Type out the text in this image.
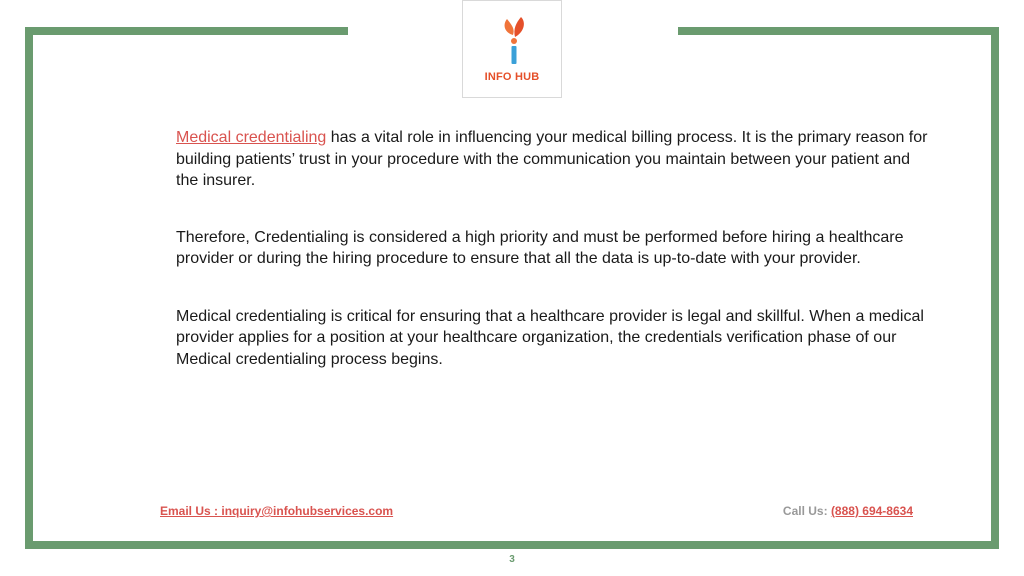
INFO HUB

Medical credentialing has a vital role in influencing your medical billing process. It is the primary reason for building patients’ trust in your procedure with the communication you maintain between your patient and the insurer.

Therefore, Credentialing is considered a high priority and must be performed before hiring a healthcare provider or during the hiring procedure to ensure that all the data is up-to-date with your provider.

Medical credentialing is critical for ensuring that a healthcare provider is legal and skillful. When a medical provider applies for a position at your healthcare organization, the credentials verification phase of our Medical credentialing process begins.

Email Us : inquiry@infohubservices.com	Call Us: (888) 694-8634
3
